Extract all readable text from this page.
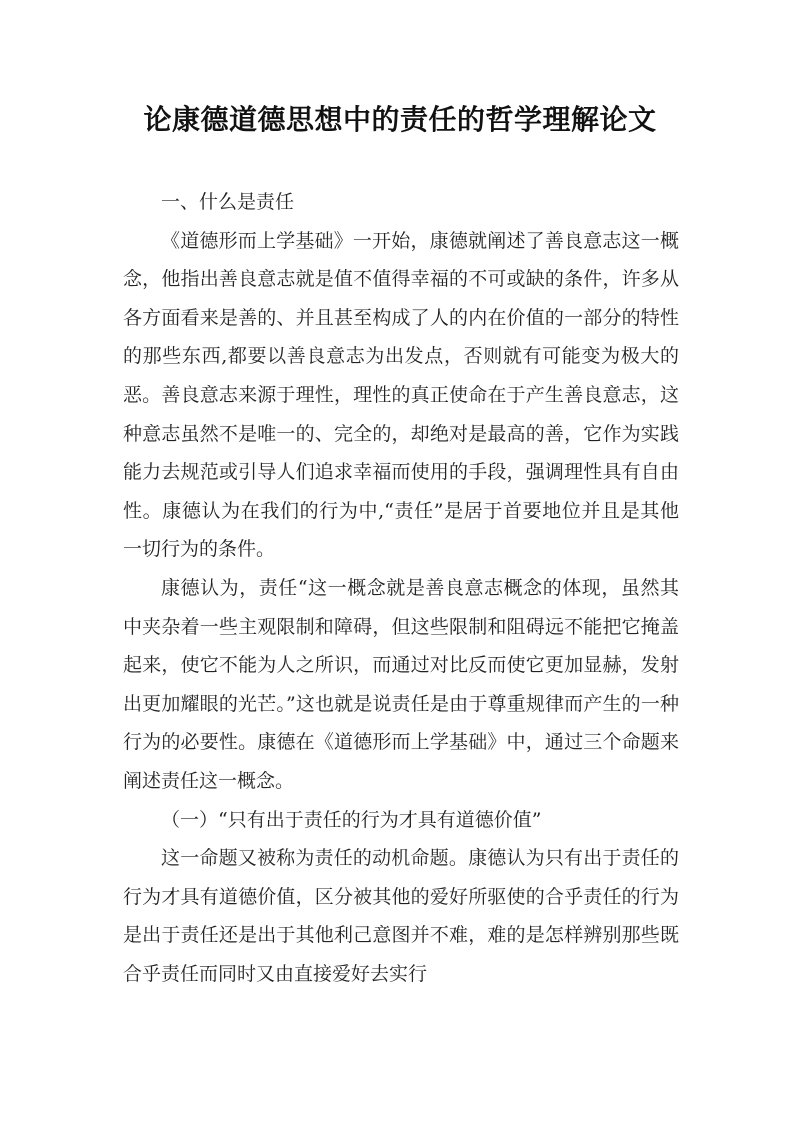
论康德道德思想中的责任的哲学理解论文

一、什么是责任

《道德形而上学基础》一开始，康德就阐述了善良意志这一概念，他指出善良意志就是值不值得幸福的不可或缺的条件，许多从各方面看来是善的、并且甚至构成了人的内在价值的一部分的特性的那些东西,都要以善良意志为出发点，否则就有可能变为极大的恶。善良意志来源于理性，理性的真正使命在于产生善良意志，这种意志虽然不是唯一的、完全的，却绝对是最高的善，它作为实践能力去规范或引导人们追求幸福而使用的手段，强调理性具有自由性。康德认为在我们的行为中,“责任”是居于首要地位并且是其他一切行为的条件。

康德认为，责任“这一概念就是善良意志概念的体现，虽然其中夹杂着一些主观限制和障碍，但这些限制和阻碍远不能把它掩盖起来，使它不能为人之所识，而通过对比反而使它更加显赫，发射出更加耀眼的光芒。”这也就是说责任是由于尊重规律而产生的一种行为的必要性。康德在《道德形而上学基础》中，通过三个命题来阐述责任这一概念。

（一）“只有出于责任的行为才具有道德价值”

这一命题又被称为责任的动机命题。康德认为只有出于责任的行为才具有道德价值，区分被其他的爱好所驱使的合乎责任的行为是出于责任还是出于其他利己意图并不难，难的是怎样辨别那些既合乎责任而同时又由直接爱好去实行
